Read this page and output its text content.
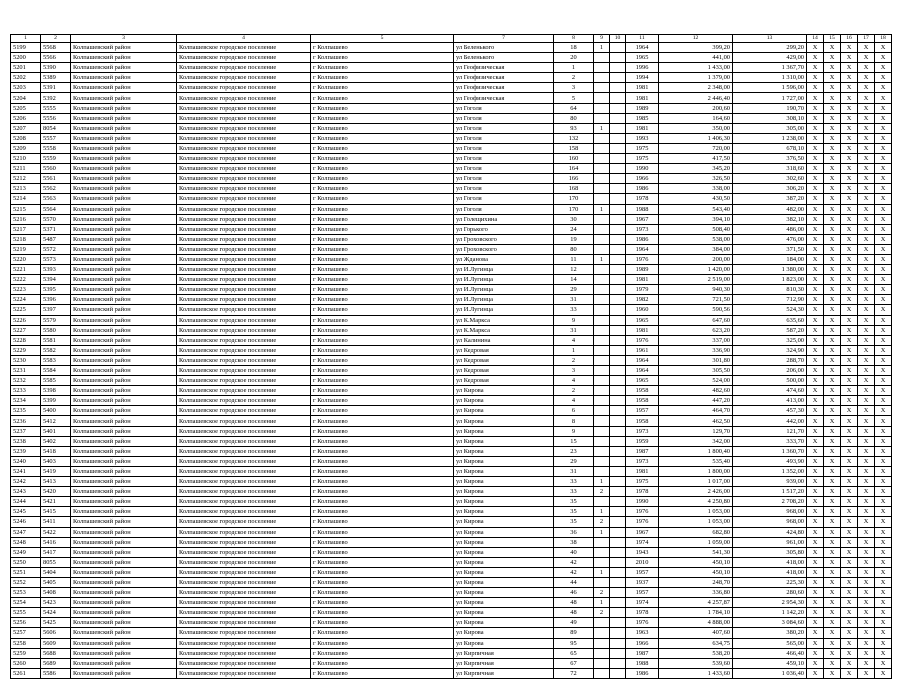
1	2	3	4	5		7	8	9	10	11	12	13	14	15	16	17	18
5199	5568	Колпашевский район	Колпашевское городское поселение	г Колпашево		ул Беленького	18	1		1964	399,20	299,20	X	X	X	X	X
5200	5566	Колпашевский район	Колпашевское городское поселение	г Колпашево		ул Беленького	20			1965	441,00	429,00	X	X	X	X	X
5201	5390	Колпашевский район	Колпашевское городское поселение	г Колпашево		ул Геофизическая	1			1996	1 433,00	1 367,70	X	X	X	X	X
5202	5389	Колпашевский район	Колпашевское городское поселение	г Колпашево		ул Геофизическая	2			1994	1 379,00	1 310,00	X	X	X	X	X
5203	5391	Колпашевский район	Колпашевское городское поселение	г Колпашево		ул Геофизическая	3			1981	2 348,00	1 596,00	X	X	X	X	X
5204	5392	Колпашевский район	Колпашевское городское поселение	г Колпашево		ул Геофизическая	5			1981	2 446,40	1 727,00	X	X	X	X	X
5205	5555	Колпашевский район	Колпашевское городское поселение	г Колпашево		ул Гоголя	64			1989	200,60	190,70	X	X	X	X	X
5206	5556	Колпашевский район	Колпашевское городское поселение	г Колпашево		ул Гоголя	80			1985	164,60	308,10	X	X	X	X	X
5207	8054	Колпашевский район	Колпашевское городское поселение	г Колпашево		ул Гоголя	93	1		1981	350,00	305,00	X	X	X	X	X
5208	5557	Колпашевский район	Колпашевское городское поселение	г Колпашево		ул Гоголя	132			1993	1 406,30	1 238,00	X	X	X	X	X
5209	5558	Колпашевский район	Колпашевское городское поселение	г Колпашево		ул Гоголя	158			1975	720,00	678,10	X	X	X	X	X
5210	5559	Колпашевский район	Колпашевское городское поселение	г Колпашево		ул Гоголя	160			1975	417,50	376,50	X	X	X	X	X
5211	5560	Колпашевский район	Колпашевское городское поселение	г Колпашево		ул Гоголя	164			1990	345,20	318,60	X	X	X	X	X
5212	5561	Колпашевский район	Колпашевское городское поселение	г Колпашево		ул Гоголя	166			1966	326,50	302,60	X	X	X	X	X
5213	5562	Колпашевский район	Колпашевское городское поселение	г Колпашево		ул Гоголя	168			1986	338,00	306,20	X	X	X	X	X
5214	5563	Колпашевский район	Колпашевское городское поселение	г Колпашево		ул Гоголя	170			1978	430,50	387,20	X	X	X	X	X
5215	5564	Колпашевский район	Колпашевское городское поселение	г Колпашево		ул Гоголя	170	1		1988	543,40	482,00	X	X	X	X	X
5216	5570	Колпашевский район	Колпашевское городское поселение	г Колпашево		ул Голещихина	30			1967	394,10	382,10	X	X	X	X	X
5217	5371	Колпашевский район	Колпашевское городское поселение	г Колпашево		ул Горького	24			1973	508,40	486,00	X	X	X	X	X
5218	5487	Колпашевский район	Колпашевское городское поселение	г Колпашево		ул Гроховского	19			1986	538,00	476,00	X	X	X	X	X
5219	5572	Колпашевский район	Колпашевское городское поселение	г Колпашево		ул Гроховского	80			1964	384,00	371,50	X	X	X	X	X
5220	5573	Колпашевский район	Колпашевское городское поселение	г Колпашево		ул Жданова	11	1		1976	200,00	184,00	X	X	X	X	X
5221	5393	Колпашевский район	Колпашевское городское поселение	г Колпашево		ул И.Лугинца	12			1989	1 420,00	1 380,00	X	X	X	X	X
5222	5394	Колпашевский район	Колпашевское городское поселение	г Колпашево		ул И.Лугинца	14			1981	2 519,00	1 823,00	X	X	X	X	X
5223	5395	Колпашевский район	Колпашевское городское поселение	г Колпашево		ул И.Лугинца	29			1979	940,30	810,30	X	X	X	X	X
5224	5396	Колпашевский район	Колпашевское городское поселение	г Колпашево		ул И.Лугинца	31			1982	721,50	712,90	X	X	X	X	X
5225	5397	Колпашевский район	Колпашевское городское поселение	г Колпашево		ул И.Лугинца	33			1960	590,56	524,30	X	X	X	X	X
5226	5579	Колпашевский район	Колпашевское городское поселение	г Колпашево		ул К.Маркса	9			1965	647,60	635,60	X	X	X	X	X
5227	5580	Колпашевский район	Колпашевское городское поселение	г Колпашево		ул К.Маркса	31			1981	623,20	587,20	X	X	X	X	X
5228	5581	Колпашевский район	Колпашевское городское поселение	г Колпашево		ул Калинина	4			1976	337,00	325,00	X	X	X	X	X
5229	5582	Колпашевский район	Колпашевское городское поселение	г Колпашево		ул Кедровая	1			1961	336,90	324,90	X	X	X	X	X
5230	5583	Колпашевский район	Колпашевское городское поселение	г Колпашево		ул Кедровая	2			1964	301,80	288,70	X	X	X	X	X
5231	5584	Колпашевский район	Колпашевское городское поселение	г Колпашево		ул Кедровая	3			1964	305,50	206,00	X	X	X	X	X
5232	5585	Колпашевский район	Колпашевское городское поселение	г Колпашево		ул Кедровая	4			1965	524,00	500,00	X	X	X	X	X
5233	5398	Колпашевский район	Колпашевское городское поселение	г Колпашево		ул Кирова	2			1958	482,60	474,60	X	X	X	X	X
5234	5399	Колпашевский район	Колпашевское городское поселение	г Колпашево		ул Кирова	4			1958	447,20	413,00	X	X	X	X	X
5235	5400	Колпашевский район	Колпашевское городское поселение	г Колпашево		ул Кирова	6			1957	464,70	457,30	X	X	X	X	X
5236	5412	Колпашевский район	Колпашевское городское поселение	г Колпашево		ул Кирова	8			1958	462,50	442,00	X	X	X	X	X
5237	5401	Колпашевский район	Колпашевское городское поселение	г Колпашево		ул Кирова	9			1973	129,70	121,70	X	X	X	X	X
5238	5402	Колпашевский район	Колпашевское городское поселение	г Колпашево		ул Кирова	15			1959	342,00	333,70	X	X	X	X	X
5239	5418	Колпашевский район	Колпашевское городское поселение	г Колпашево		ул Кирова	23			1987	1 800,40	1 360,70	X	X	X	X	X
5240	5403	Колпашевский район	Колпашевское городское поселение	г Колпашево		ул Кирова	29			1973	535,40	493,90	X	X	X	X	X
5241	5419	Колпашевский район	Колпашевское городское поселение	г Колпашево		ул Кирова	31			1981	1 800,00	1 352,00	X	X	X	X	X
5242	5413	Колпашевский район	Колпашевское городское поселение	г Колпашево		ул Кирова	33	1		1975	1 017,00	939,00	X	X	X	X	X
5243	5420	Колпашевский район	Колпашевское городское поселение	г Колпашево		ул Кирова	33	2		1978	2 426,00	1 517,20	X	X	X	X	X
5244	5421	Колпашевский район	Колпашевское городское поселение	г Колпашево		ул Кирова	35			1990	4 250,80	2 708,20	X	X	X	X	X
5245	5415	Колпашевский район	Колпашевское городское поселение	г Колпашево		ул Кирова	35	1		1976	1 053,00	968,00	X	X	X	X	X
5246	5411	Колпашевский район	Колпашевское городское поселение	г Колпашево		ул Кирова	35	2		1976	1 053,00	968,00	X	X	X	X	X
5247	5422	Колпашевский район	Колпашевское городское поселение	г Колпашево		ул Кирова	36	1		1967	682,80	424,80	X	X	X	X	X
5248	5416	Колпашевский район	Колпашевское городское поселение	г Колпашево		ул Кирова	38			1974	1 059,00	961,00	X	X	X	X	X
5249	5417	Колпашевский район	Колпашевское городское поселение	г Колпашево		ул Кирова	40			1943	541,30	305,80	X	X	X	X	X
5250	8055	Колпашевский район	Колпашевское городское поселение	г Колпашево		ул Кирова	42			2010	450,10	418,00	X	X	X	X	X
5251	5404	Колпашевский район	Колпашевское городское поселение	г Колпашево		ул Кирова	42	1		1957	450,10	418,00	X	X	X	X	X
5252	5405	Колпашевский район	Колпашевское городское поселение	г Колпашево		ул Кирова	44			1937	248,70	225,30	X	X	X	X	X
5253	5408	Колпашевский район	Колпашевское городское поселение	г Колпашево		ул Кирова	46	2		1957	336,80	280,60	X	X	X	X	X
5254	5423	Колпашевский район	Колпашевское городское поселение	г Колпашево		ул Кирова	48	1		1974	4 257,87	2 954,30	X	X	X	X	X
5255	5424	Колпашевский район	Колпашевское городское поселение	г Колпашево		ул Кирова	48	2		1978	1 784,10	1 142,20	X	X	X	X	X
5256	5425	Колпашевский район	Колпашевское городское поселение	г Колпашево		ул Кирова	49			1976	4 888,00	3 084,60	X	X	X	X	X
5257	5606	Колпашевский район	Колпашевское городское поселение	г Колпашево		ул Кирова	89			1963	407,60	380,20	X	X	X	X	X
5258	5609	Колпашевский район	Колпашевское городское поселение	г Колпашево		ул Кирова	95			1966	634,75	565,00	X	X	X	X	X
5259	5688	Колпашевский район	Колпашевское городское поселение	г Колпашево		ул Кирпичная	65			1987	538,20	466,40	X	X	X	X	X
5260	5689	Колпашевский район	Колпашевское городское поселение	г Колпашево		ул Кирпичная	67			1988	539,60	459,10	X	X	X	X	X
5261	5586	Колпашевский район	Колпашевское городское поселение	г Колпашево		ул Кирпичная	72			1986	1 433,60	1 036,40	X	X	X	X	X
